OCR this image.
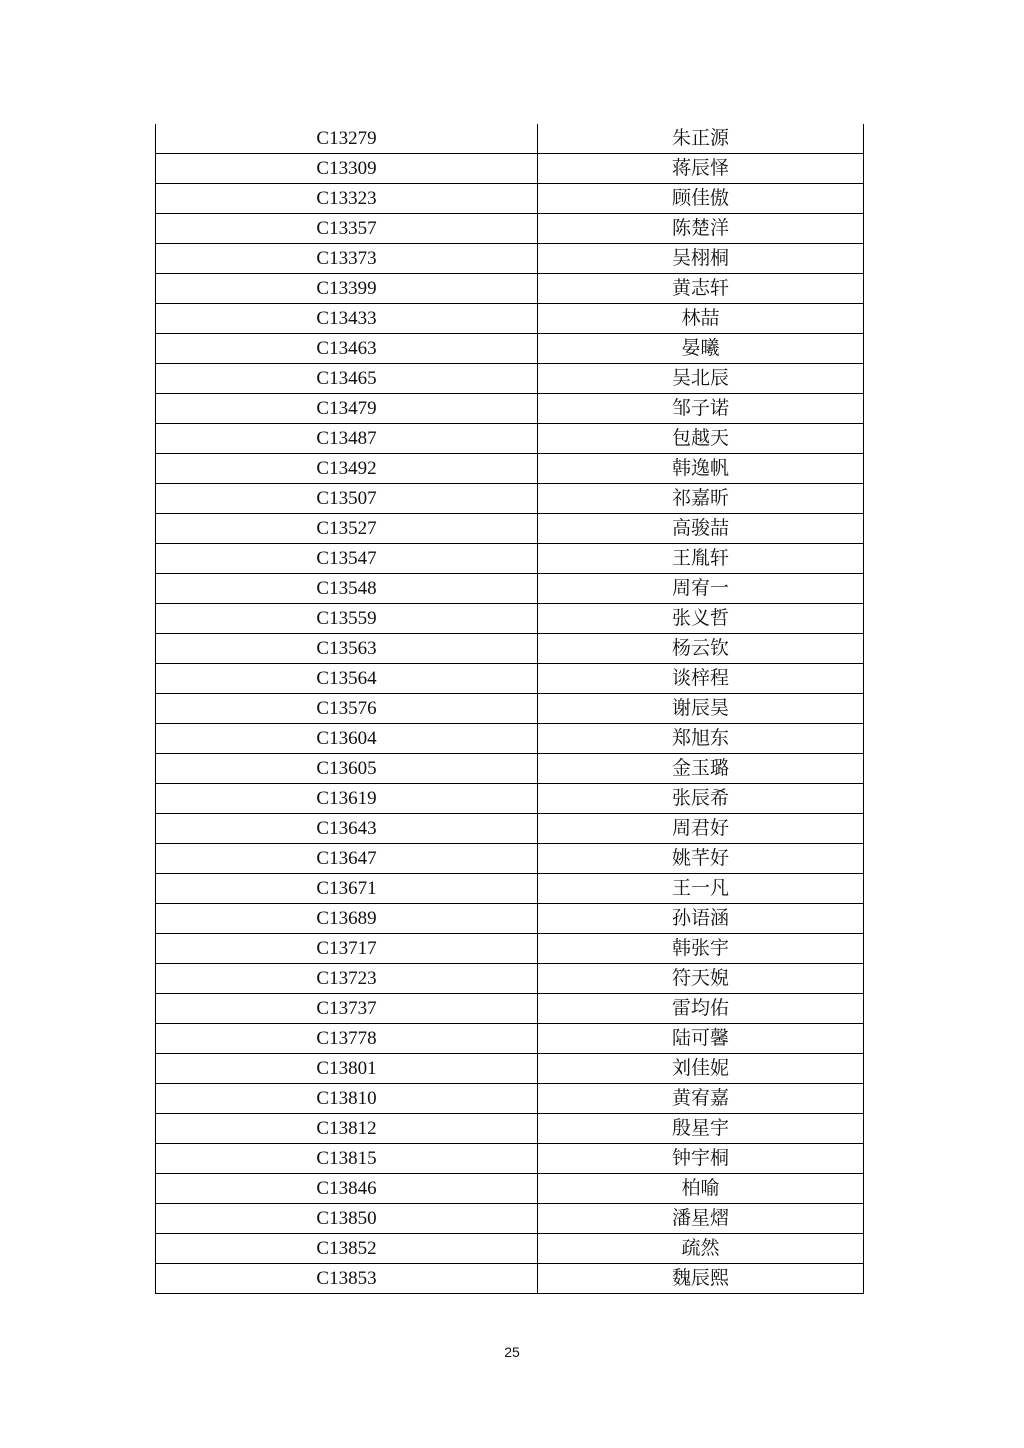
C13279	朱正源
C13309	蒋辰怿
C13323	顾佳傲
C13357	陈楚洋
C13373	吴栩桐
C13399	黄志轩
C13433	林喆
C13463	晏曦
C13465	吴北辰
C13479	邹子诺
C13487	包越天
C13492	韩逸帆
C13507	祁嘉昕
C13527	高骏喆
C13547	王胤轩
C13548	周宥一
C13559	张义哲
C13563	杨云钦
C13564	谈梓程
C13576	谢辰昊
C13604	郑旭东
C13605	金玉璐
C13619	张辰希
C13643	周君好
C13647	姚芊好
C13671	王一凡
C13689	孙语涵
C13717	韩张宇
C13723	符天婗
C13737	雷均佑
C13778	陆可馨
C13801	刘佳妮
C13810	黄宥嘉
C13812	殷星宇
C13815	钟宇桐
C13846	柏喻
C13850	潘星熠
C13852	疏然
C13853	魏辰熙
25
